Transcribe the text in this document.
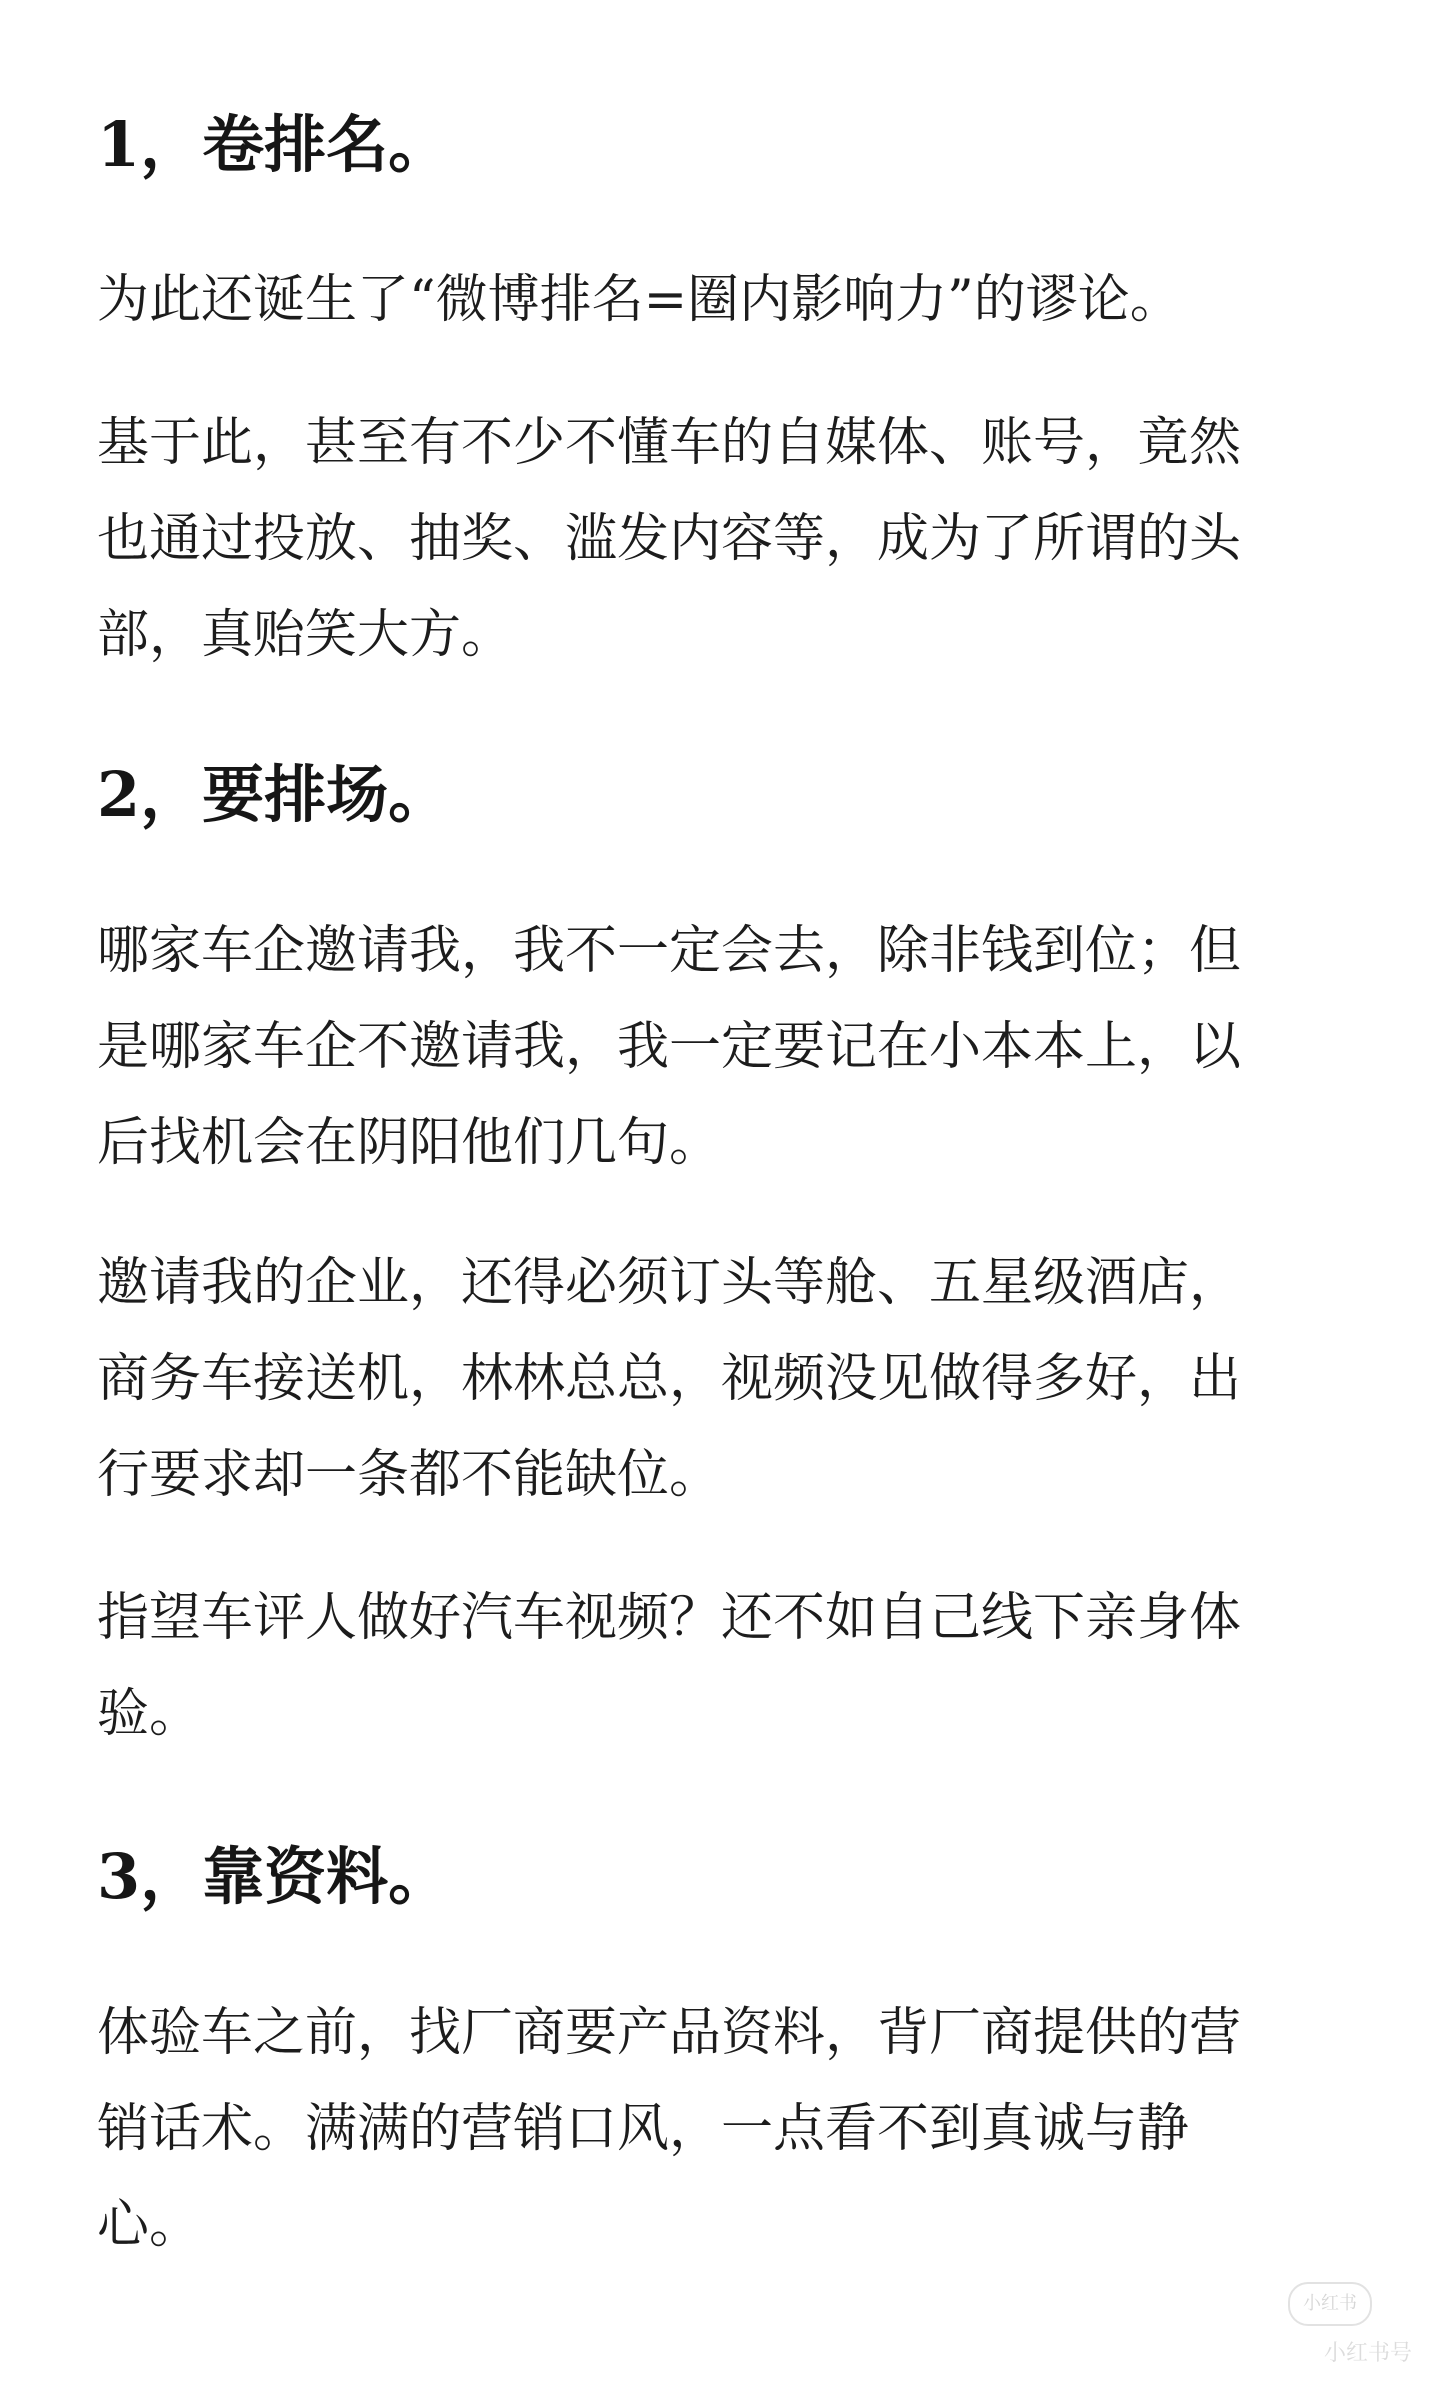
1，卷排名。

为此还诞生了“微博排名=圈内影响力”的谬论。

基于此，甚至有不少不懂车的自媒体、账号，竟然
也通过投放、抽奖、滥发内容等，成为了所谓的头
部，真贻笑大方。

2，要排场。

哪家车企邀请我，我不一定会去，除非钱到位；但
是哪家车企不邀请我，我一定要记在小本本上，以
后找机会在阴阳他们几句。

邀请我的企业，还得必须订头等舱、五星级酒店，
商务车接送机，林林总总，视频没见做得多好，出
行要求却一条都不能缺位。

指望车评人做好汽车视频？还不如自己线下亲身体
验。

3，靠资料。

体验车之前，找厂商要产品资料，背厂商提供的营
销话术。满满的营销口风，一点看不到真诚与静
心。

小红书
小红书号
